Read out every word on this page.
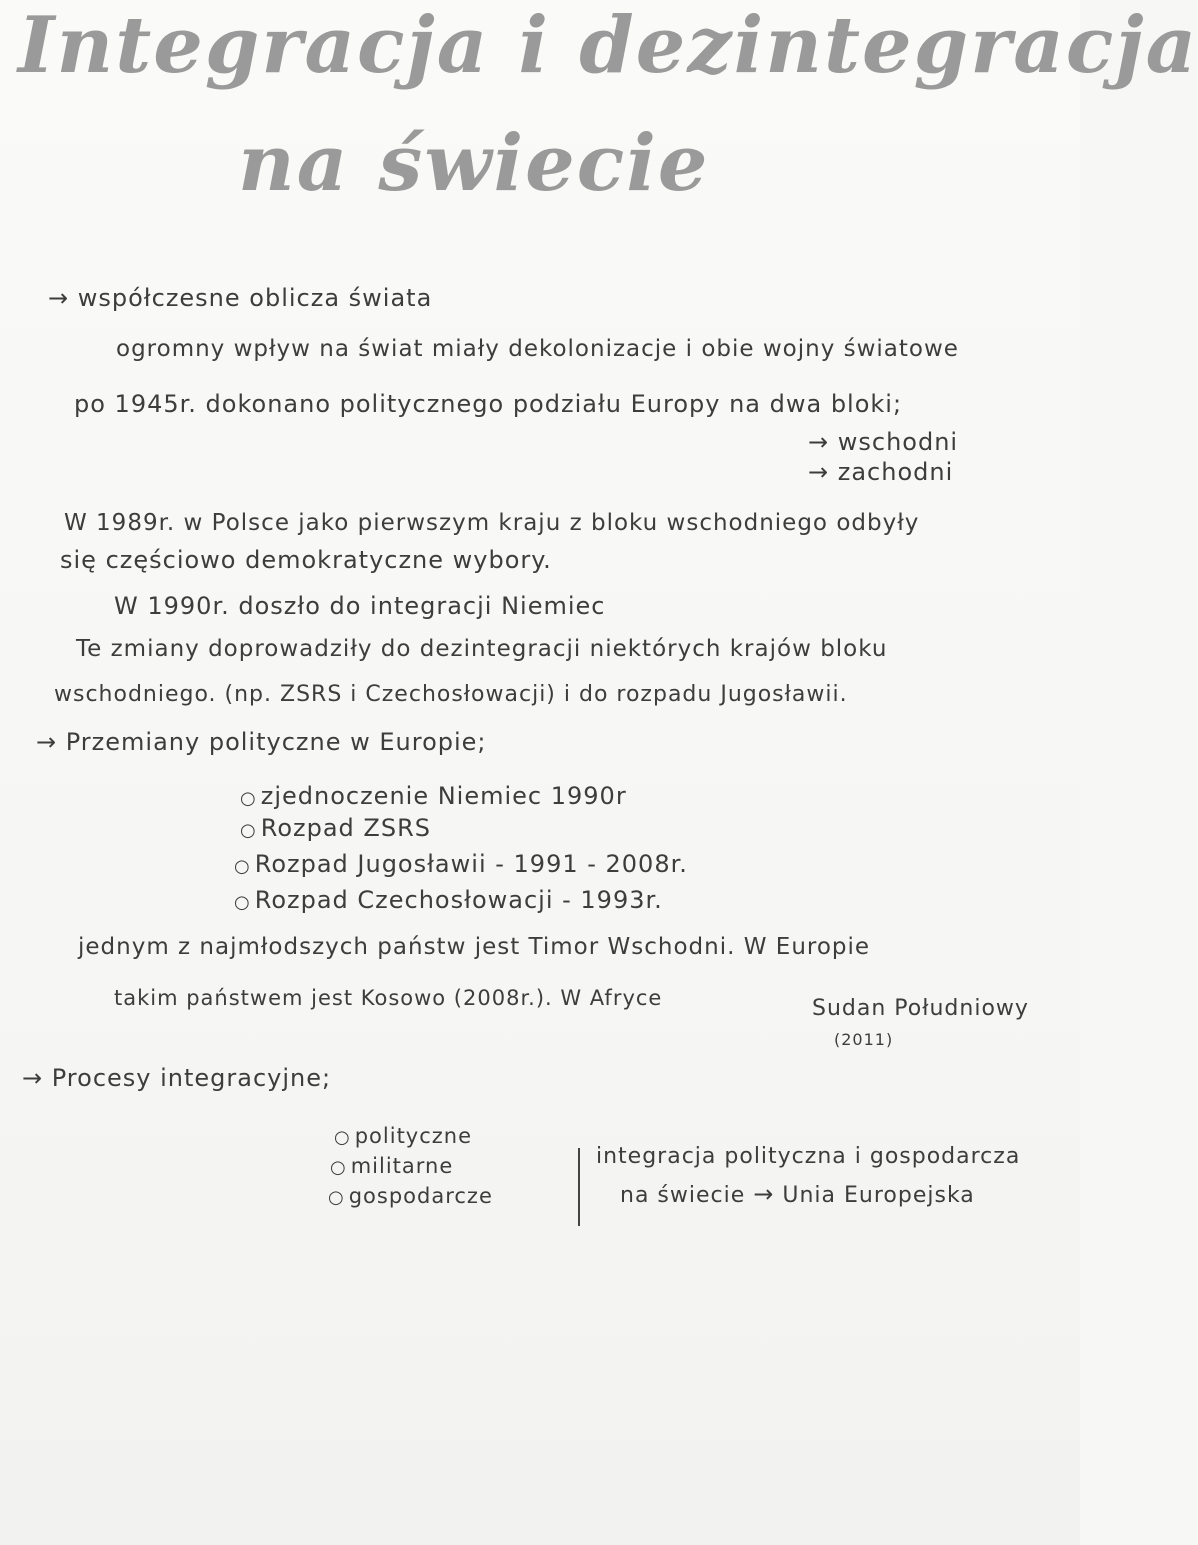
Integracja i dezintegracja
na świecie
→ współczesne oblicza świata
ogromny wpływ na świat miały dekolonizacje i obie wojny światowe
po 1945r. dokonano politycznego podziału Europy na dwa bloki;
→ wschodni
→ zachodni
W 1989r. w Polsce jako pierwszym kraju z bloku wschodniego odbyły
się częściowo demokratyczne wybory.
W 1990r. doszło do integracji Niemiec
Te zmiany doprowadziły do dezintegracji niektórych krajów bloku
wschodniego. (np. ZSRS i Czechosłowacji) i do rozpadu Jugosławii.
→ Przemiany polityczne w Europie;
○ zjednoczenie Niemiec 1990r
○ Rozpad ZSRS
○ Rozpad Jugosławii - 1991 - 2008r.
○ Rozpad Czechosłowacji - 1993r.
jednym z najmłodszych państw jest Timor Wschodni. W Europie
takim państwem jest Kosowo (2008r.). W Afryce	Sudan Południowy
(2011)
→ Procesy integracyjne;
○ polityczne
○ militarne
○ gospodarcze
integracja polityczna i gospodarcza
na świecie → Unia Europejska
